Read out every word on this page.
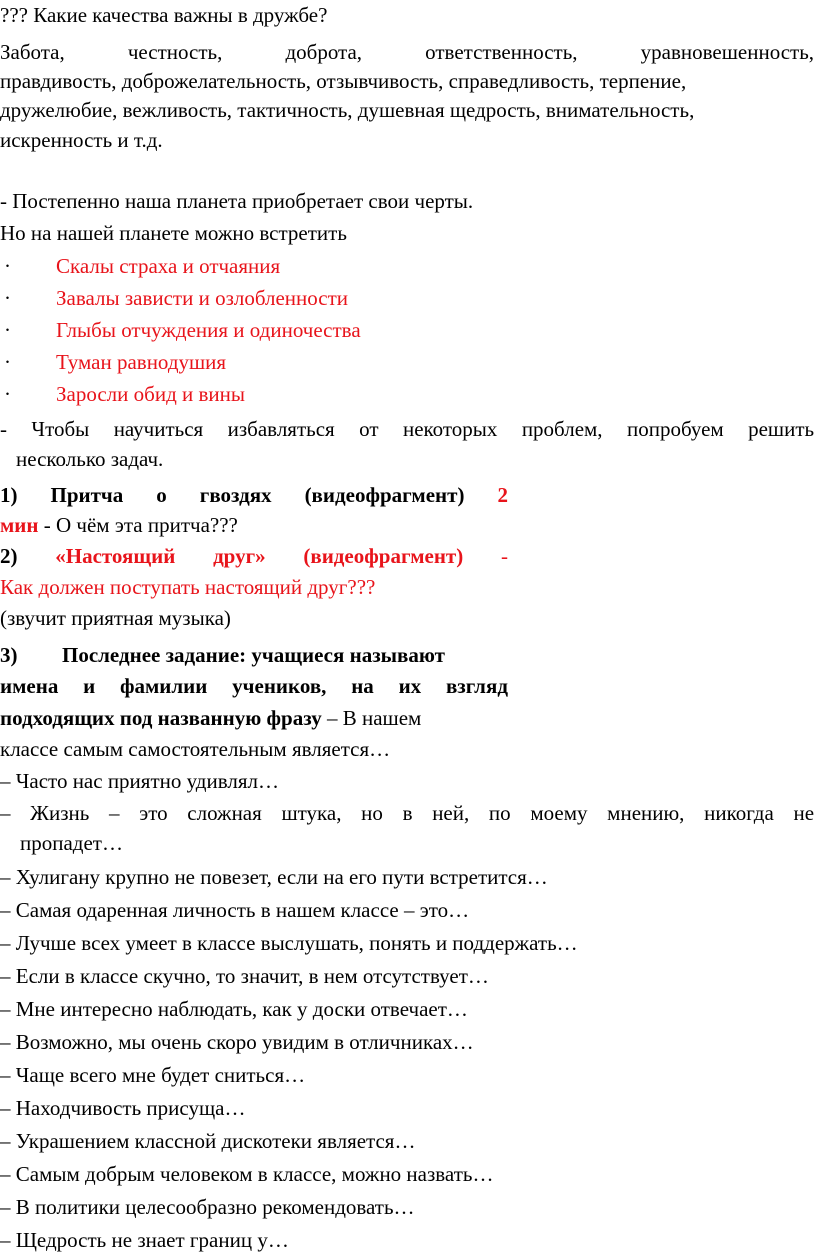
??? Какие качества важны в дружбе?
Забота,	честность,	доброта,	ответственность,	уравновешенность,
правдивость, доброжелательность, отзывчивость, справедливость, терпение,
дружелюбие, вежливость, тактичность, душевная щедрость, внимательность,
искренность и т.д.
- Постепенно наша планета приобретает свои черты.
Но на нашей планете можно встретить
· Скалы страха и отчаяния
· Завалы зависти и озлобленности
· Глыбы отчуждения и одиночества
· Туман равнодушия
· Заросли обид и вины
- Чтобы научиться избавляться от некоторых проблем, попробуем решить
несколько задач.
1) Притча о гвоздях (видеофрагмент) 2
мин - О чём эта притча???
2) «Настоящий друг» (видеофрагмент) -
Как должен поступать настоящий друг???
(звучит приятная музыка)
3) Последнее задание: учащиеся называют
имена и фамилии учеников, на их взгляд
подходящих под названную фразу – В нашем
классе самым самостоятельным является…
– Часто нас приятно удивлял…
– Жизнь – это сложная штука, но в ней, по моему мнению, никогда не
пропадет…
– Хулигану крупно не повезет, если на его пути встретится…
– Самая одаренная личность в нашем классе – это…
– Лучше всех умеет в классе выслушать, понять и поддержать…
– Если в классе скучно, то значит, в нем отсутствует…
– Мне интересно наблюдать, как у доски отвечает…
– Возможно, мы очень скоро увидим в отличниках…
– Чаще всего мне будет сниться…
– Находчивость присуща…
– Украшением классной дискотеки является…
– Самым добрым человеком в классе, можно назвать…
– В политики целесообразно рекомендовать…
– Щедрость не знает границ у…
